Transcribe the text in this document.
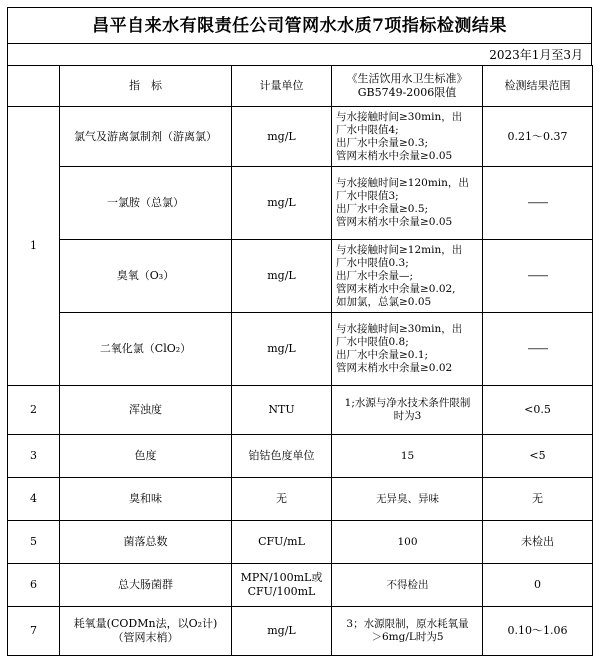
昌平自来水有限责任公司管网水水质7项指标检测结果
2023年1月至3月
	指　标	计量单位	《生活饮用水卫生标准》
GB5749-2006限值	检测结果范围
1	氯气及游离氯制剂（游离氯）	mg/L	与水接触时间≥30min，出
厂水中限值4;
出厂水中余量≥0.3;
管网末梢水中余量≥0.05	0.21～0.37
	一氯胺（总氯）	mg/L	与水接触时间≥120min，出
厂水中限值3;
出厂水中余量≥0.5;
管网末梢水中余量≥0.05	——
	臭氧（O₃）	mg/L	与水接触时间≥12min，出
厂水中限值0.3;
出厂水中余量—;
管网末梢水中余量≥0.02,
如加氯，总氯≥0.05	——
	二氧化氯（ClO₂）	mg/L	与水接触时间≥30min，出
厂水中限值0.8;
出厂水中余量≥0.1;
管网末梢水中余量≥0.02	——
2	浑浊度	NTU	1;水源与净水技术条件限制
时为3	<0.5
3	色度	铂钴色度单位	15	<5
4	臭和味	无	无异臭、异味	无
5	菌落总数	CFU/mL	100	未检出
6	总大肠菌群	MPN/100mL或
CFU/100mL	不得检出	0
7	耗氧量(CODMn法，以O₂计)
（管网末梢）	mg/L	3；水源限制，原水耗氧量
＞6mg/L时为5	0.10～1.06
